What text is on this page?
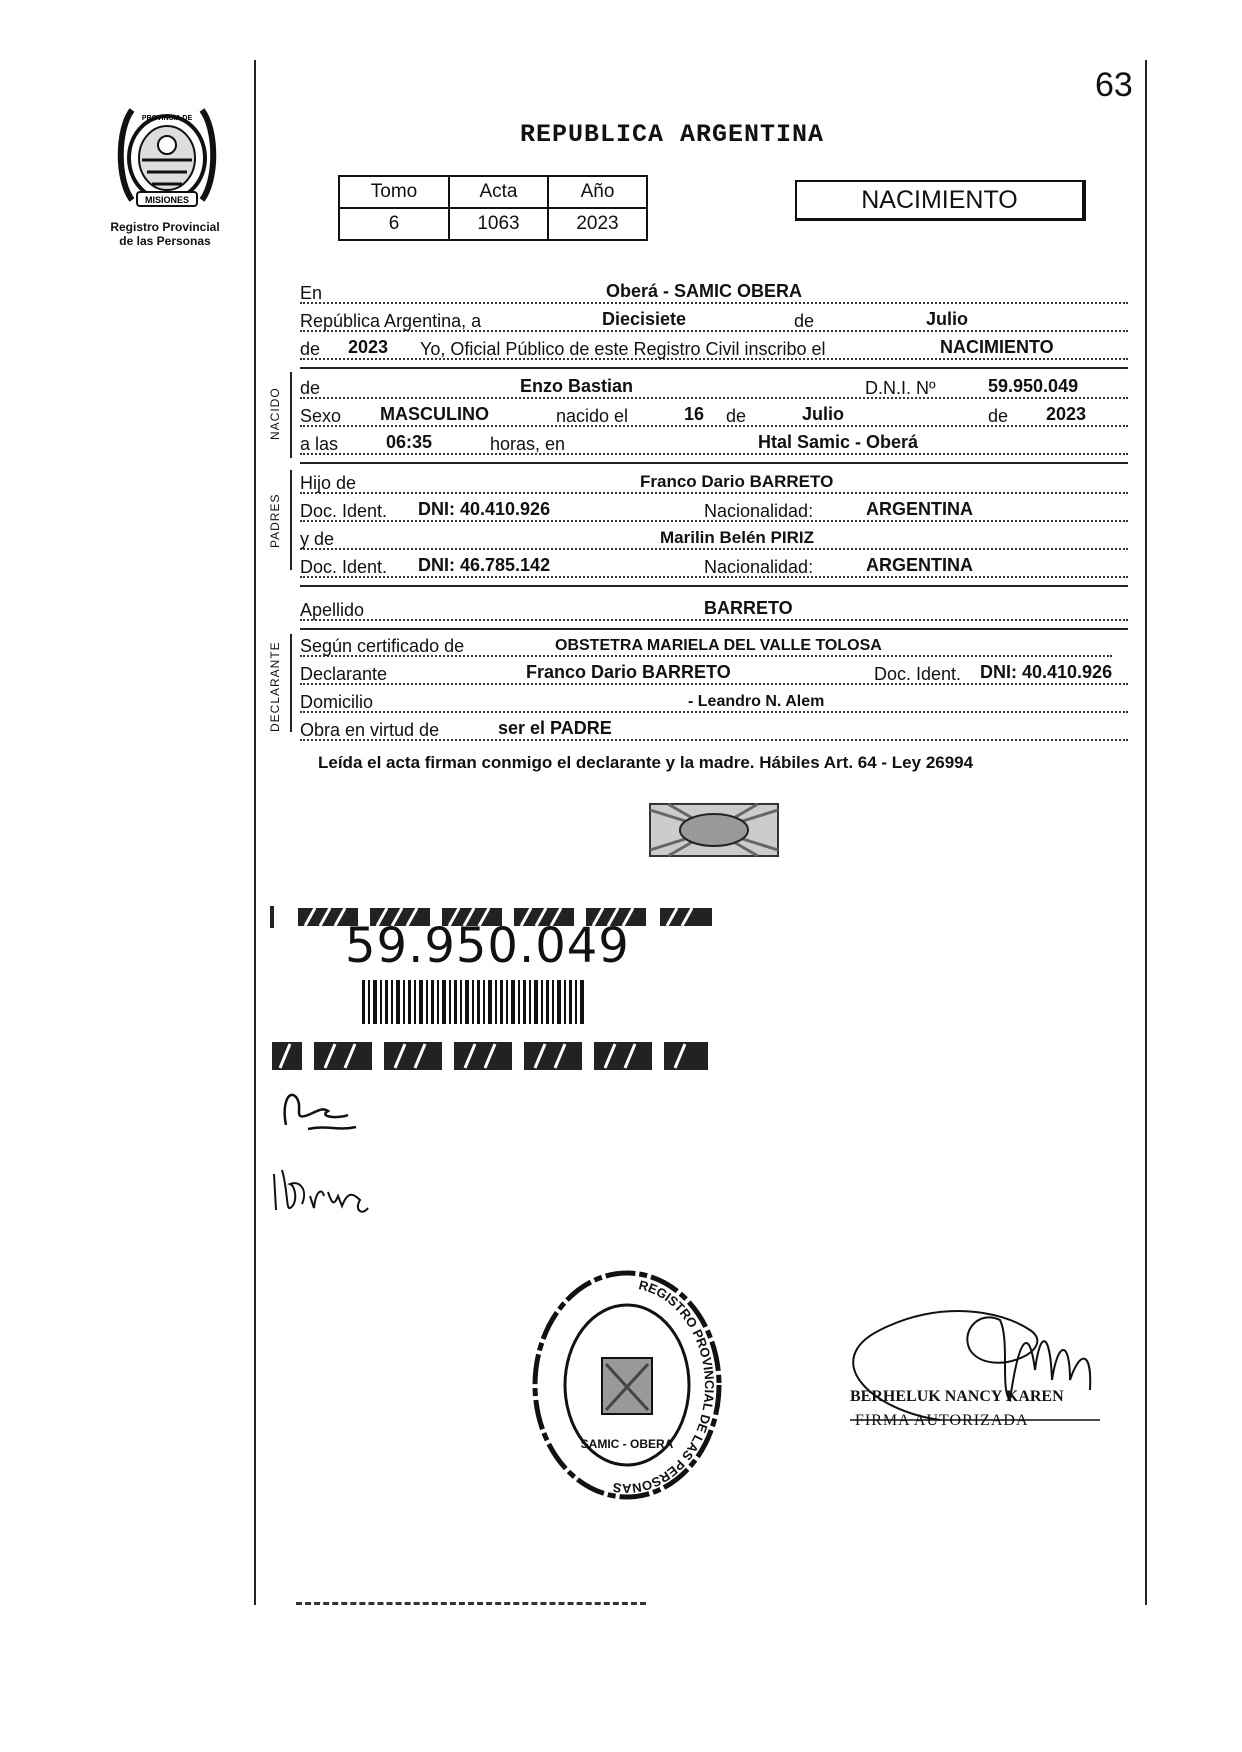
63
MISIONES
PROVINCIA DE
Registro Provincial
de las Personas
REPUBLICA ARGENTINA
Tomo	Acta	Año
6	1063	2023
NACIMIENTO
En	Oberá - SAMIC OBERA
República Argentina, a	Diecisiete	de	Julio
de 2023 Yo, Oficial Público de este Registro Civil inscribo el	NACIMIENTO
NACIDO de	Enzo Bastian	D.N.I. Nº	59.950.049
Sexo MASCULINO	nacido el	16 de	Julio	de 2023
a las	06:35	horas, en	Htal Samic - Oberá
PADRES
Hijo de	Franco Dario BARRETO
Doc. Ident. DNI: 40.410.926	Nacionalidad:	ARGENTINA
y de	Marilin Belén PIRIZ
Doc. Ident. DNI: 46.785.142	Nacionalidad:	ARGENTINA
Apellido	BARRETO
DECLARANTE Según certificado de	OBSTETRA MARIELA DEL VALLE TOLOSA
Declarante	Franco Dario BARRETO	Doc. Ident. DNI: 40.410.926
Domicilio	- Leandro N. Alem
Obra en virtud de	ser el PADRE
Leída el acta firman conmigo el declarante y la madre. Hábiles Art. 64 - Ley 26994
59.950.049
REGISTRO PROVINCIAL DE LAS PERSONAS
SAMIC - OBERA
BERHELUK NANCY KAREN
FIRMA AUTORIZADA
